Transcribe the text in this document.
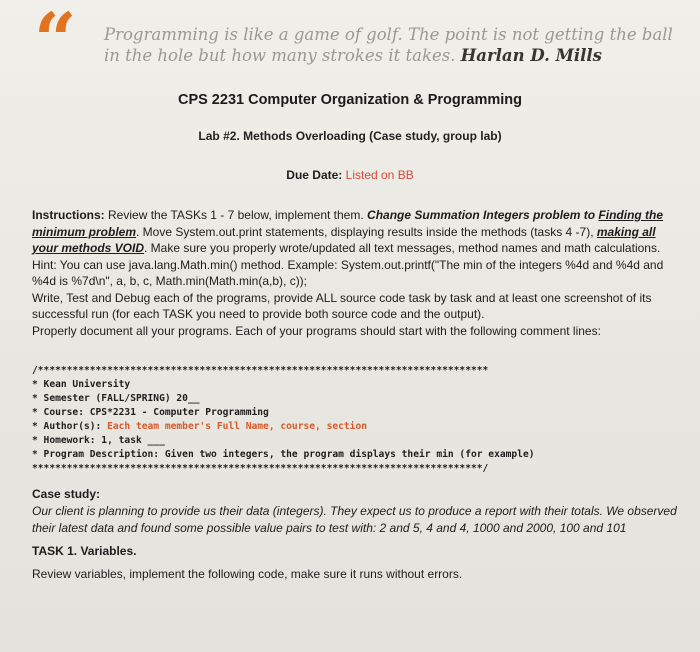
“ Programming is like a game of golf. The point is not getting the ball in the hole but how many strokes it takes. Harlan D. Mills
CPS 2231 Computer Organization & Programming
Lab #2. Methods Overloading (Case study, group lab)
Due Date: Listed on BB

Instructions: Review the TASKs 1 - 7 below, implement them. Change Summation Integers problem to Finding the minimum problem. Move System.out.print statements, displaying results inside the methods (tasks 4 -7), making all your methods VOID. Make sure you properly wrote/updated all text messages, method names and math calculations.

Hint: You can use java.lang.Math.min() method. Example: System.out.printf("The min of the integers %4d and %4d and %4d is %7d\n", a, b, c, Math.min(Math.min(a,b), c));

Write, Test and Debug each of the programs, provide ALL source code task by task and at least one screenshot of its successful run (for each TASK you need to provide both source code and the output).

Properly document all your programs. Each of your programs should start with the following comment lines:

/******************************************************************************
* Kean University
* Semester (FALL/SPRING) 20__
* Course: CPS*2231 - Computer Programming
* Author(s): Each team member's Full Name, course, section
* Homework: 1, task ___
* Program Description: Given two integers, the program displays their min (for example)
******************************************************************************/

Case study:

Our client is planning to provide us their data (integers). They expect us to produce a report with their totals. We observed their latest data and found some possible value pairs to test with: 2 and 5, 4 and 4, 1000 and 2000, 100 and 101

TASK 1. Variables.

Review variables, implement the following code, make sure it runs without errors.
